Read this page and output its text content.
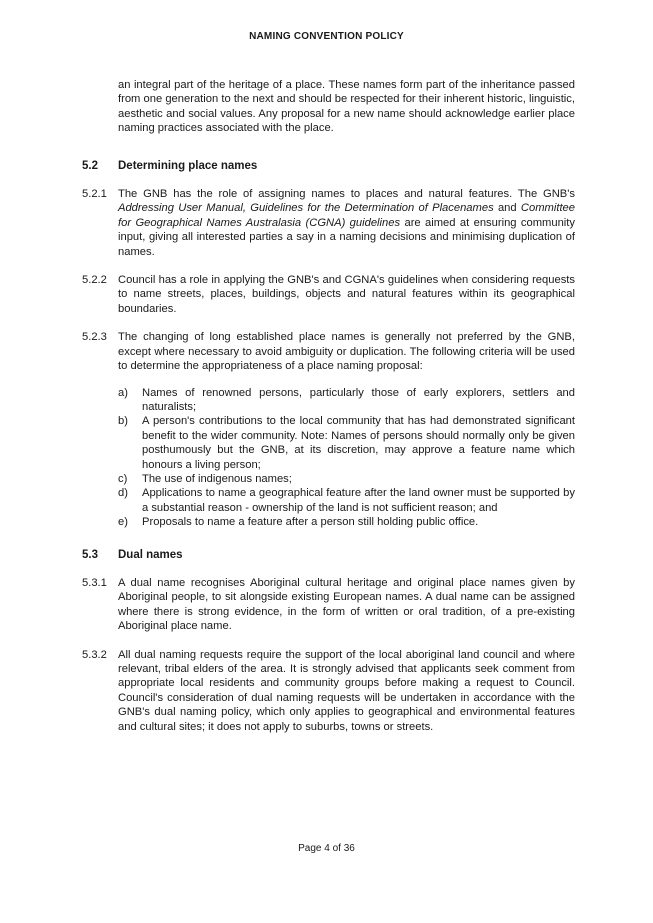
NAMING CONVENTION POLICY

an integral part of the heritage of a place. These names form part of the inheritance passed from one generation to the next and should be respected for their inherent historic, linguistic, aesthetic and social values. Any proposal for a new name should acknowledge earlier place naming practices associated with the place.

5.2	Determining place names
5.2.1 The GNB has the role of assigning names to places and natural features. The GNB's Addressing User Manual, Guidelines for the Determination of Placenames and Committee for Geographical Names Australasia (CGNA) guidelines are aimed at ensuring community input, giving all interested parties a say in a naming decisions and minimising duplication of names.

5.2.2 Council has a role in applying the GNB's and CGNA's guidelines when considering requests to name streets, places, buildings, objects and natural features within its geographical boundaries.

5.2.3 The changing of long established place names is generally not preferred by the GNB, except where necessary to avoid ambiguity or duplication. The following criteria will be used to determine the appropriateness of a place naming proposal:

a)	Names of renowned persons, particularly those of early explorers, settlers and naturalists;
b)	A person's contributions to the local community that has had demonstrated significant benefit to the wider community. Note: Names of persons should normally only be given posthumously but the GNB, at its discretion, may approve a feature name which honours a living person;
c)	The use of indigenous names;
d)	Applications to name a geographical feature after the land owner must be supported by a substantial reason - ownership of the land is not sufficient reason; and
e)	Proposals to name a feature after a person still holding public office.
5.3	Dual names
5.3.1 A dual name recognises Aboriginal cultural heritage and original place names given by Aboriginal people, to sit alongside existing European names. A dual name can be assigned where there is strong evidence, in the form of written or oral tradition, of a pre-existing Aboriginal place name.

5.3.2 All dual naming requests require the support of the local aboriginal land council and where relevant, tribal elders of the area. It is strongly advised that applicants seek comment from appropriate local residents and community groups before making a request to Council. Council's consideration of dual naming requests will be undertaken in accordance with the GNB's dual naming policy, which only applies to geographical and environmental features and cultural sites; it does not apply to suburbs, towns or streets.

Page 4 of 36
